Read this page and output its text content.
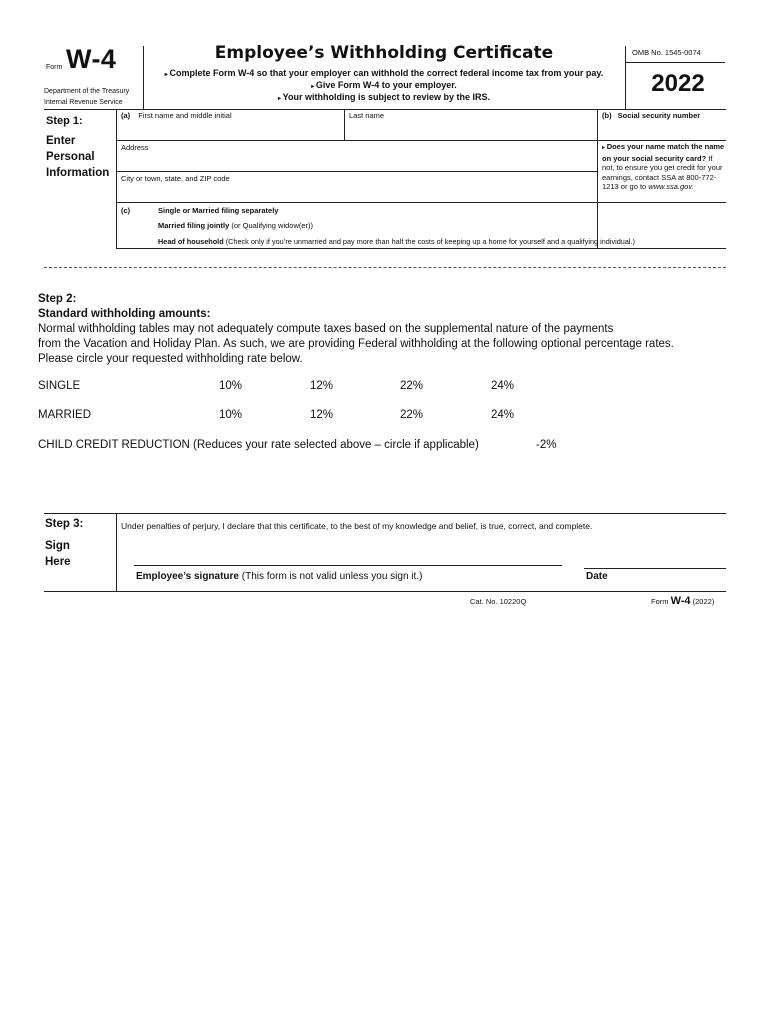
Form W-4
Department of the Treasury
Internal Revenue Service
Employee’s Withholding Certificate
▸ Complete Form W-4 so that your employer can withhold the correct federal income tax from your pay.
▸ Give Form W-4 to your employer.
▸ Your withholding is subject to review by the IRS.
OMB No. 1545-0074
2022
Step 1:
Enter
Personal
Information
(a) First name and middle initial	Last name	(b) Social security number
Address
City or town, state, and ZIP code
▸ Does your name match the name on your social security card? If not, to ensure you get credit for your earnings, contact SSA at 800-772-1213 or go to www.ssa.gov.
(c)	Single or Married filing separately
Married filing jointly (or Qualifying widow(er))
Head of household (Check only if you’re unmarried and pay more than half the costs of keeping up a home for yourself and a qualifying individual.)
Step 2:
Standard withholding amounts:
Normal withholding tables may not adequately compute taxes based on the supplemental nature of the payments
from the Vacation and Holiday Plan. As such, we are providing Federal withholding at the following optional percentage rates.
Please circle your requested withholding rate below.
SINGLE	10%	12%	22%	24%
MARRIED	10%	12%	22%	24%
CHILD CREDIT REDUCTION (Reduces your rate selected above – circle if applicable)	-2%
Step 3:
Sign
Here
Under penalties of perjury, I declare that this certificate, to the best of my knowledge and belief, is true, correct, and complete.
Employee’s signature (This form is not valid unless you sign it.)	Date
Cat. No. 10220Q	Form W-4 (2022)
